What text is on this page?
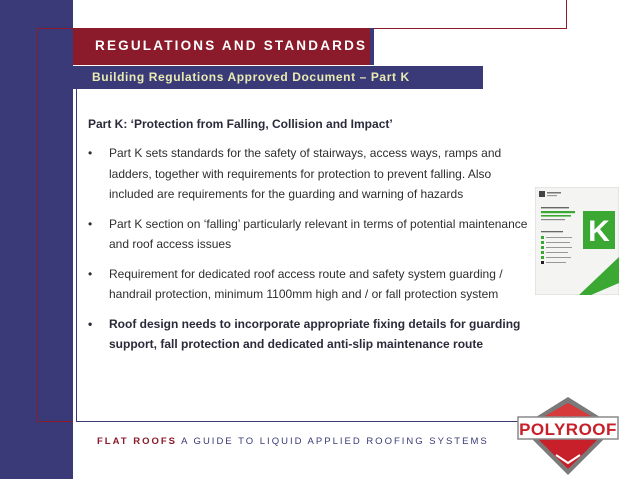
REGULATIONS AND STANDARDS
Building Regulations Approved Document – Part K
Part K: ‘Protection from Falling, Collision and Impact’
• Part K sets standards for the safety of stairways, access ways, ramps and ladders, together with requirements for protection to prevent falling. Also included are requirements for the guarding and warning of hazards
• Part K section on ‘falling’ particularly relevant in terms of potential maintenance and roof access issues
• Requirement for dedicated roof access route and safety system guarding / handrail protection, minimum 1100mm high and / or fall protection system
• Roof design needs to incorporate appropriate fixing details for guarding support, fall protection and dedicated anti-slip maintenance route
K
FLAT ROOFS A GUIDE TO LIQUID APPLIED ROOFING SYSTEMS
POLYROOF
